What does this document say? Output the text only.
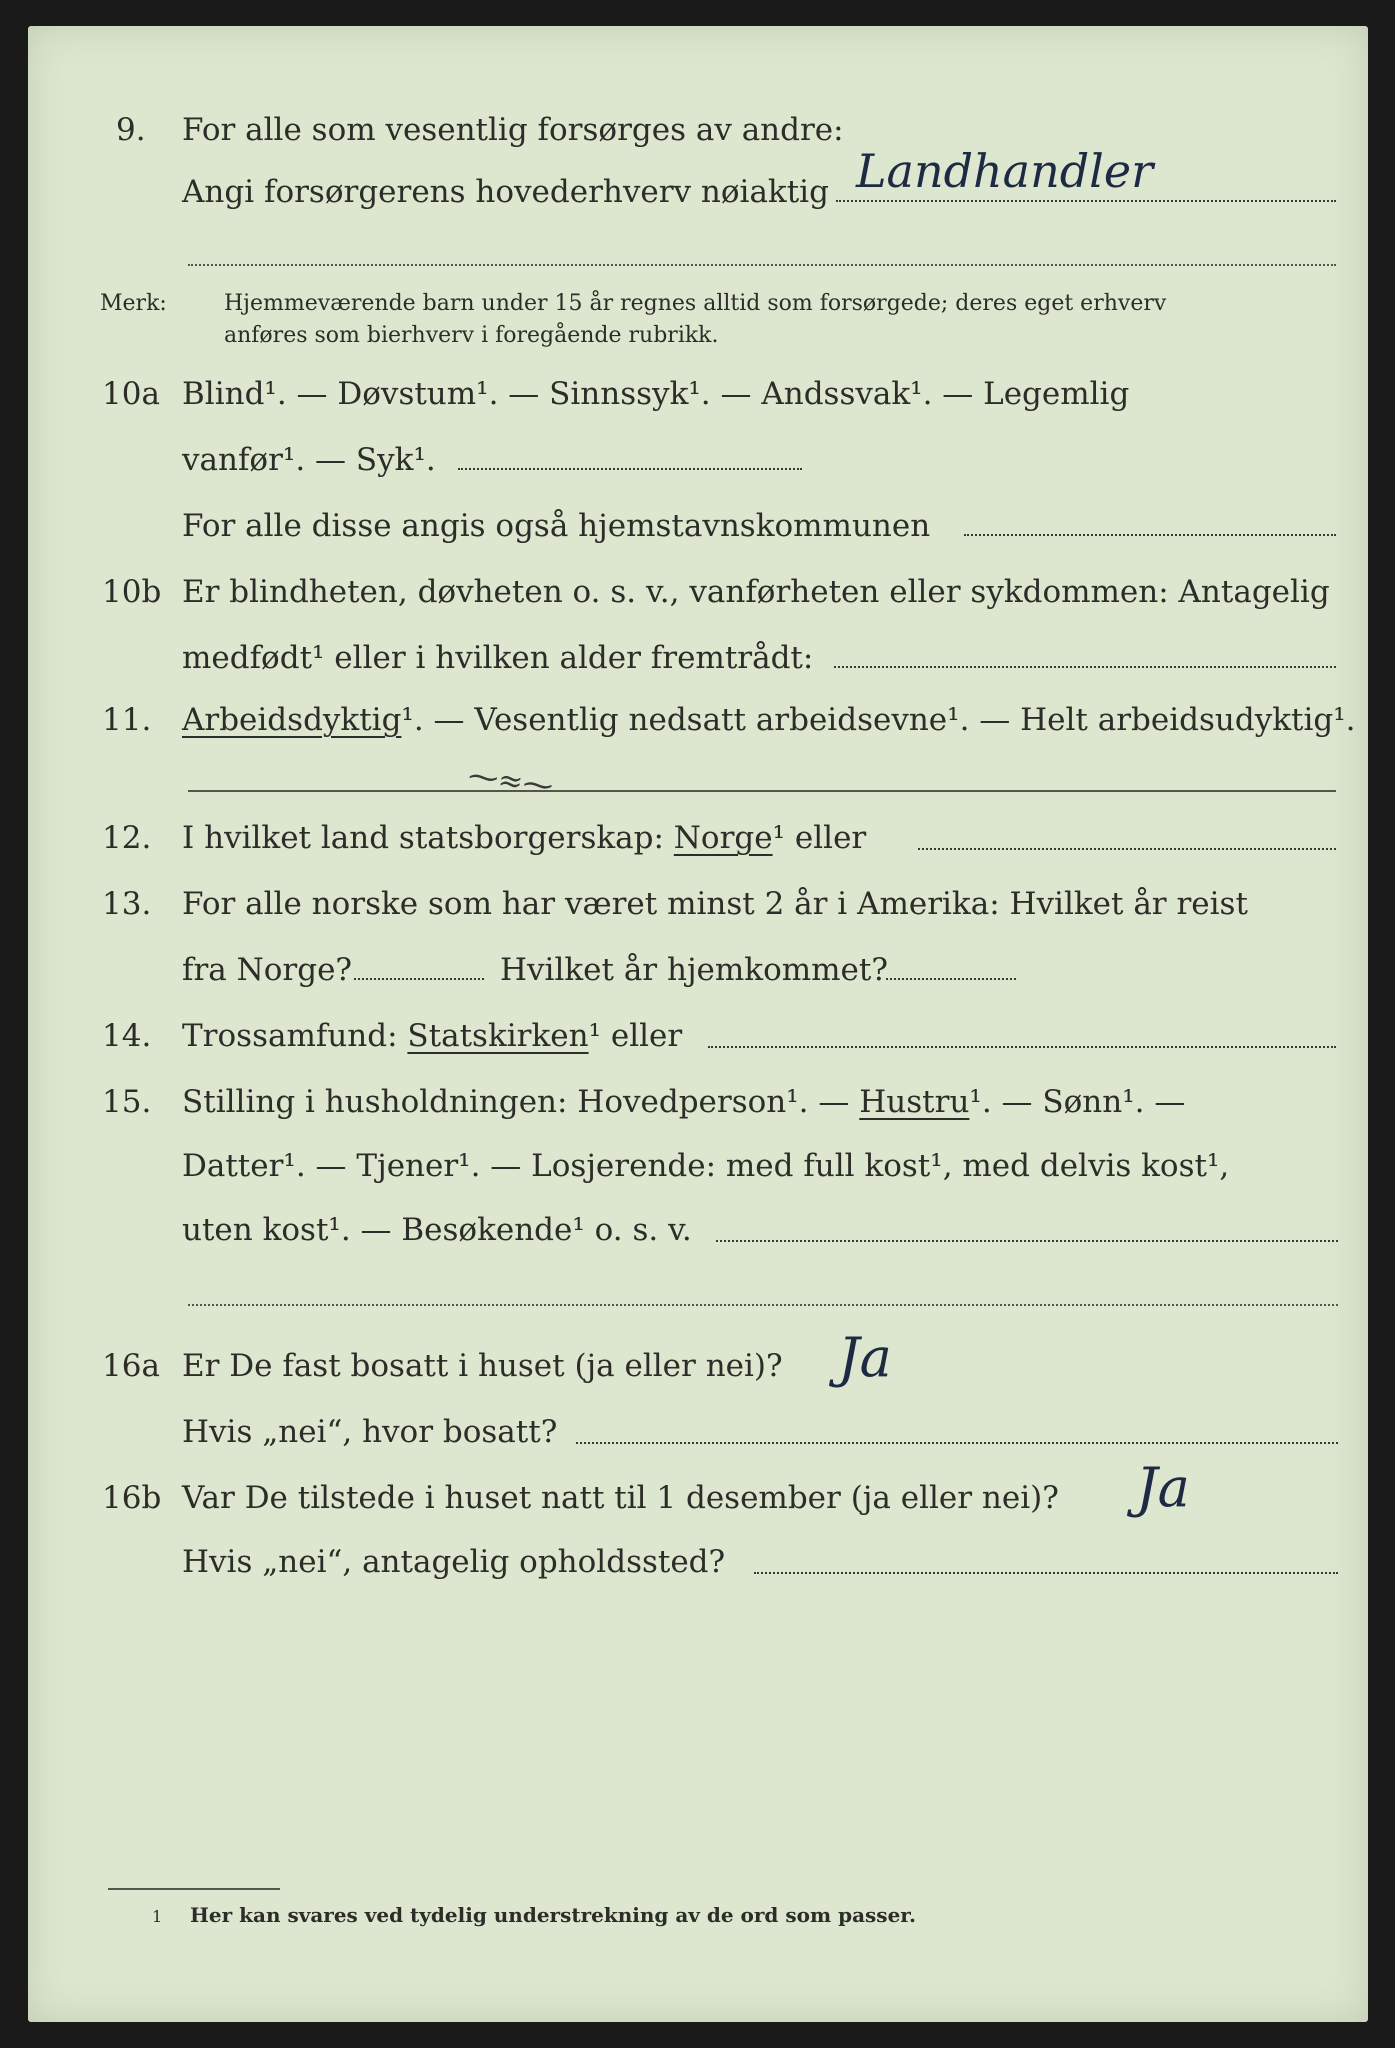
9. For alle som vesentlig forsørges av andre:
Angi forsørgerens hovederhverv nøiaktig Landhandler
Merk:	Hjemmeværende barn under 15 år regnes alltid som forsørgede; deres eget erhverv
anføres som bierhverv i foregående rubrikk.
10a Blind¹. — Døvstum¹. — Sinnssyk¹. — Andssvak¹. — Legemlig
vanfør¹. — Syk¹.
For alle disse angis også hjemstavnskommunen
10b Er blindheten, døvheten o. s. v., vanførheten eller sykdommen: Antagelig
medfødt¹ eller i hvilken alder fremtrådt:
11. Arbeidsdyktig¹. — Vesentlig nedsatt arbeidsevne¹. — Helt arbeidsudyktig¹.
⁓≈⁓
12. I hvilket land statsborgerskap: Norge¹ eller
13. For alle norske som har været minst 2 år i Amerika: Hvilket år reist
fra Norge?	Hvilket år hjemkommet?
14. Trossamfund: Statskirken¹ eller
15. Stilling i husholdningen: Hovedperson¹. — Hustru¹. — Sønn¹. —
Datter¹. — Tjener¹. — Losjerende: med full kost¹, med delvis kost¹,
uten kost¹. — Besøkende¹ o. s. v.
16a Er De fast bosatt i huset (ja eller nei)? Ja
Hvis „nei“, hvor bosatt?
16b Var De tilstede i huset natt til 1 desember (ja eller nei)? Ja
Hvis „nei“, antagelig opholdssted?
1 Her kan svares ved tydelig understrekning av de ord som passer.
